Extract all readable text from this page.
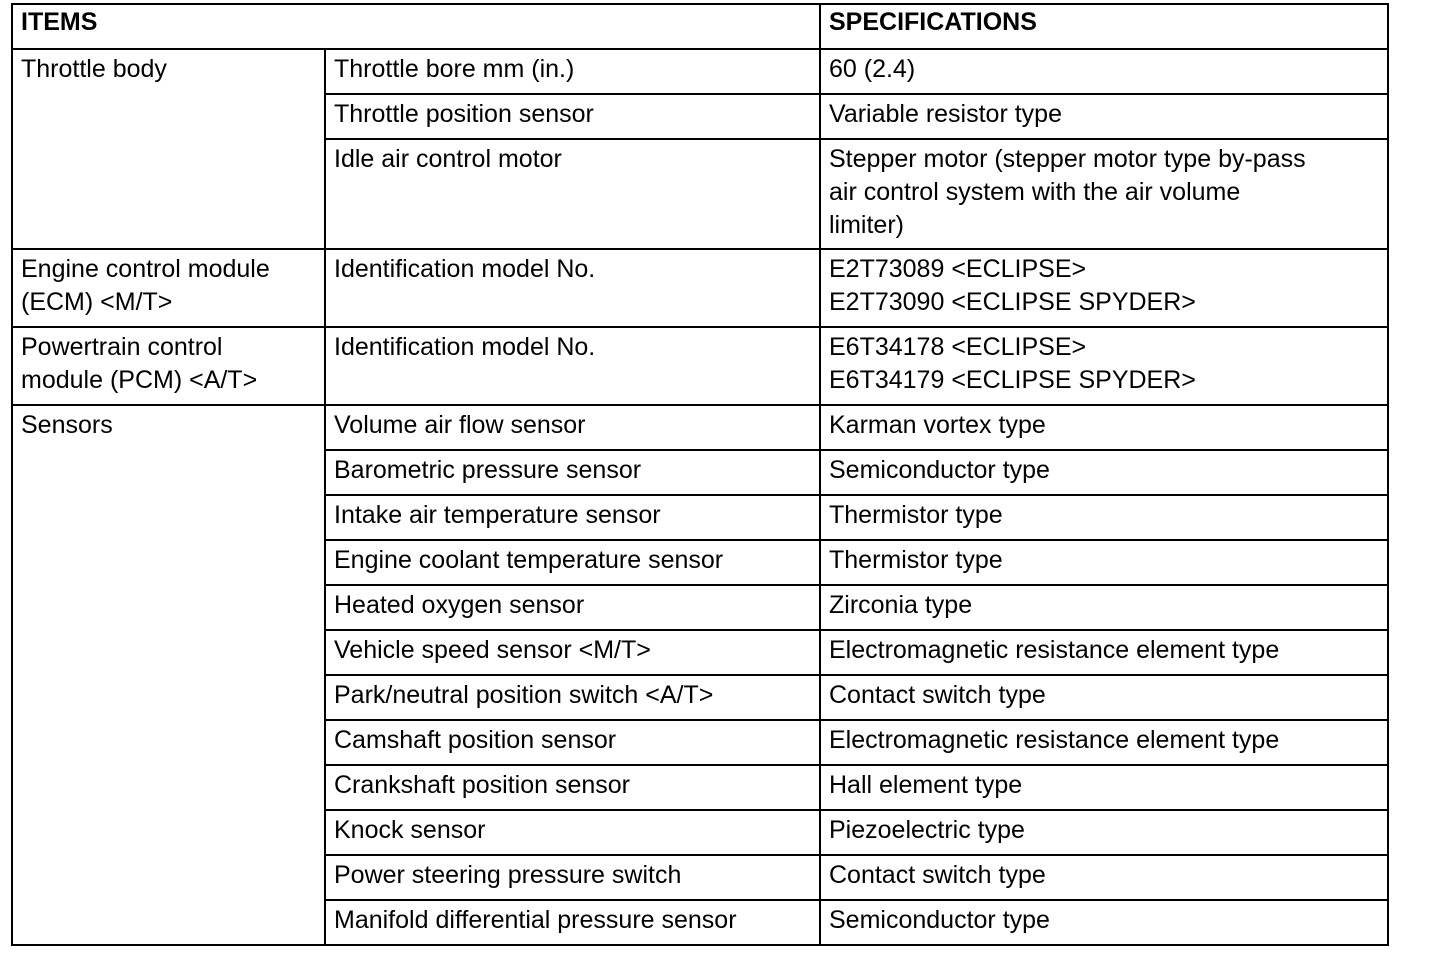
ITEMS		SPECIFICATIONS
Throttle body	Throttle bore mm (in.)	60 (2.4)

	Throttle position sensor	Variable resistor type

	Idle air control motor	Stepper motor (stepper motor type by-pass
air control system with the air volume
limiter)

Engine control module
(ECM) <M/T>	Identification model No.	E2T73089 <ECLIPSE>
E2T73090 <ECLIPSE SPYDER>

Powertrain control
module (PCM) <A/T>	Identification model No.	E6T34178 <ECLIPSE>
E6T34179 <ECLIPSE SPYDER>

Sensors	Volume air flow sensor	Karman vortex type
	Barometric pressure sensor	Semiconductor type
	Intake air temperature sensor	Thermistor type
	Engine coolant temperature sensor	Thermistor type
	Heated oxygen sensor	Zirconia type
	Vehicle speed sensor <M/T>	Electromagnetic resistance element type
	Park/neutral position switch <A/T>	Contact switch type
	Camshaft position sensor	Electromagnetic resistance element type
	Crankshaft position sensor	Hall element type
	Knock sensor	Piezoelectric type
	Power steering pressure switch	Contact switch type
	Manifold differential pressure sensor	Semiconductor type
